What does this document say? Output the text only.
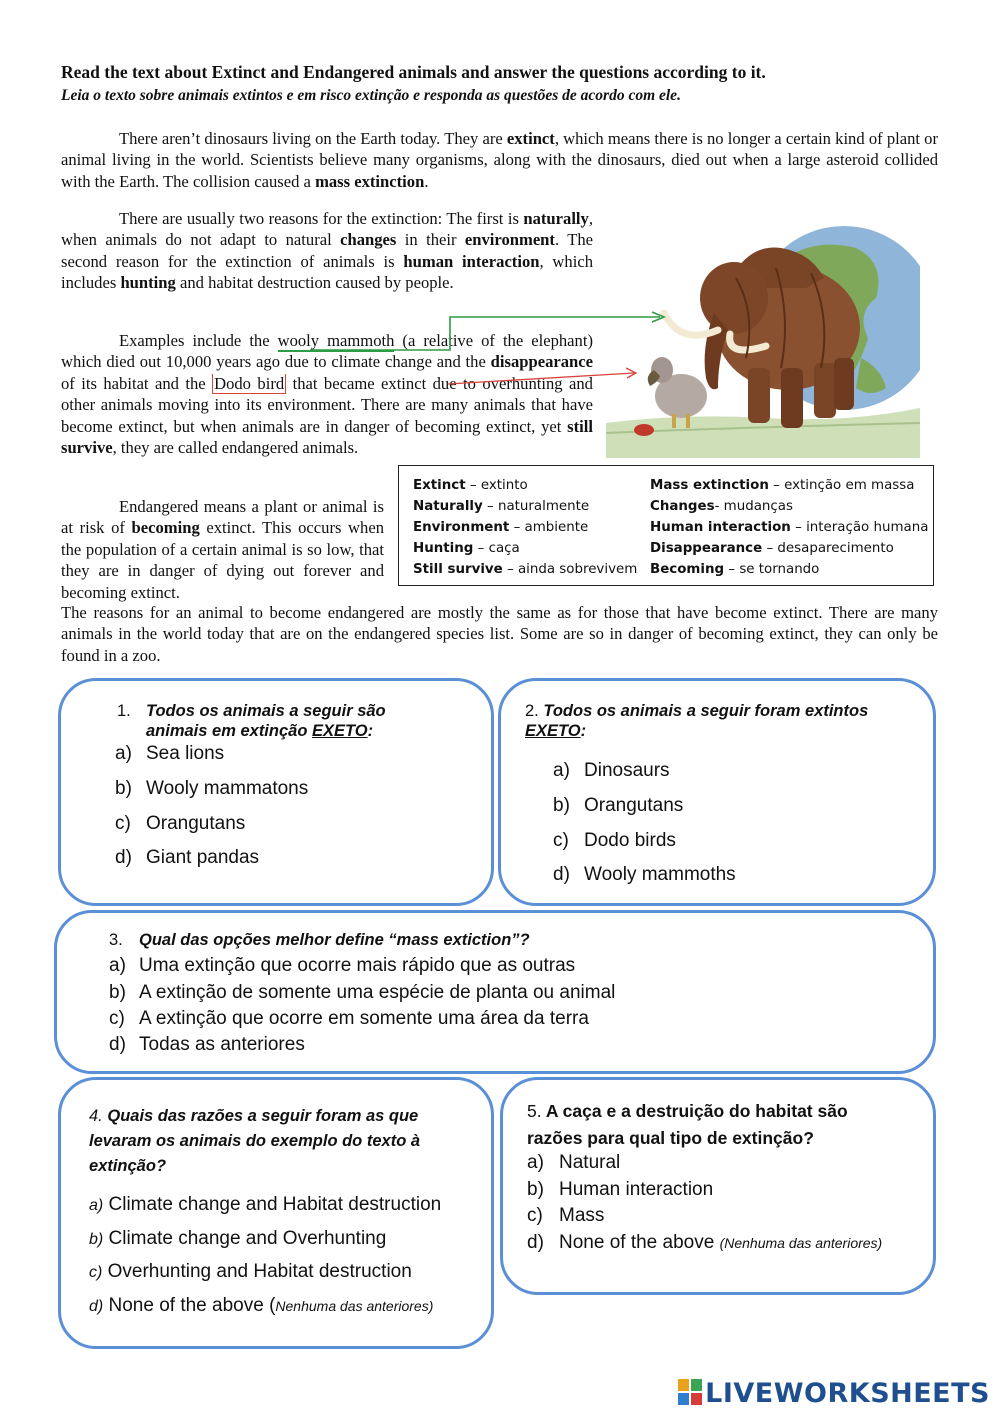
Read the text about Extinct and Endangered animals and answer the questions according to it.
Leia o texto sobre animais extintos e em risco extinção e responda as questões de acordo com ele.

There aren’t dinosaurs living on the Earth today. They are extinct, which means there is no longer a certain kind of plant or animal living in the world. Scientists believe many organisms, along with the dinosaurs, died out when a large asteroid collided with the Earth. The collision caused a mass extinction.

There are usually two reasons for the extinction: The first is naturally, when animals do not adapt to natural changes in their environment. The second reason for the extinction of animals is human interaction, which includes hunting and habitat destruction caused by people.

Examples include the wooly mammoth (a relative of the elephant) which died out 10,000 years ago due to climate change and the disappearance of its habitat and the Dodo bird that became extinct due to overhunting and other animals moving into its environment. There are many animals that have become extinct, but when animals are in danger of becoming extinct, yet still survive, they are called endangered animals.

Endangered means a plant or animal is at risk of becoming extinct. This occurs when the population of a certain animal is so low, that they are in danger of dying out forever and becoming extinct.

The reasons for an animal to become endangered are mostly the same as for those that have become extinct. There are many animals in the world today that are on the endangered species list. Some are so in danger of becoming extinct, they can only be found in a zoo.

Extinct – extinto
Naturally – naturalmente
Environment – ambiente
Hunting – caça
Still survive – ainda sobrevivem
Mass extinction – extinção em massa
Changes- mudanças
Human interaction – interação humana
Disappearance – desaparecimento
Becoming – se tornando
1. Todos os animais a seguir são animais em extinção EXETO:
a) Sea lions
b) Wooly mammatons
c) Orangutans
d) Giant pandas
2. Todos os animais a seguir foram extintos EXETO:
a) Dinosaurs
b) Orangutans
c) Dodo birds
d) Wooly mammoths
3. Qual das opções melhor define “mass extiction”?
a) Uma extinção que ocorre mais rápido que as outras
b) A extinção de somente uma espécie de planta ou animal
c) A extinção que ocorre em somente uma área da terra
d) Todas as anteriores
4. Quais das razões a seguir foram as que
levaram os animais do exemplo do texto à
extinção?
a) Climate change and Habitat destruction
b) Climate change and Overhunting
c) Overhunting and Habitat destruction
d) None of the above (Nenhuma das anteriores)
5. A caça e a destruição do habitat são
razões para qual tipo de extinção?
a) Natural
b) Human interaction
c) Mass
d) None of the above (Nenhuma das anteriores)
LIVEWORKSHEETS
